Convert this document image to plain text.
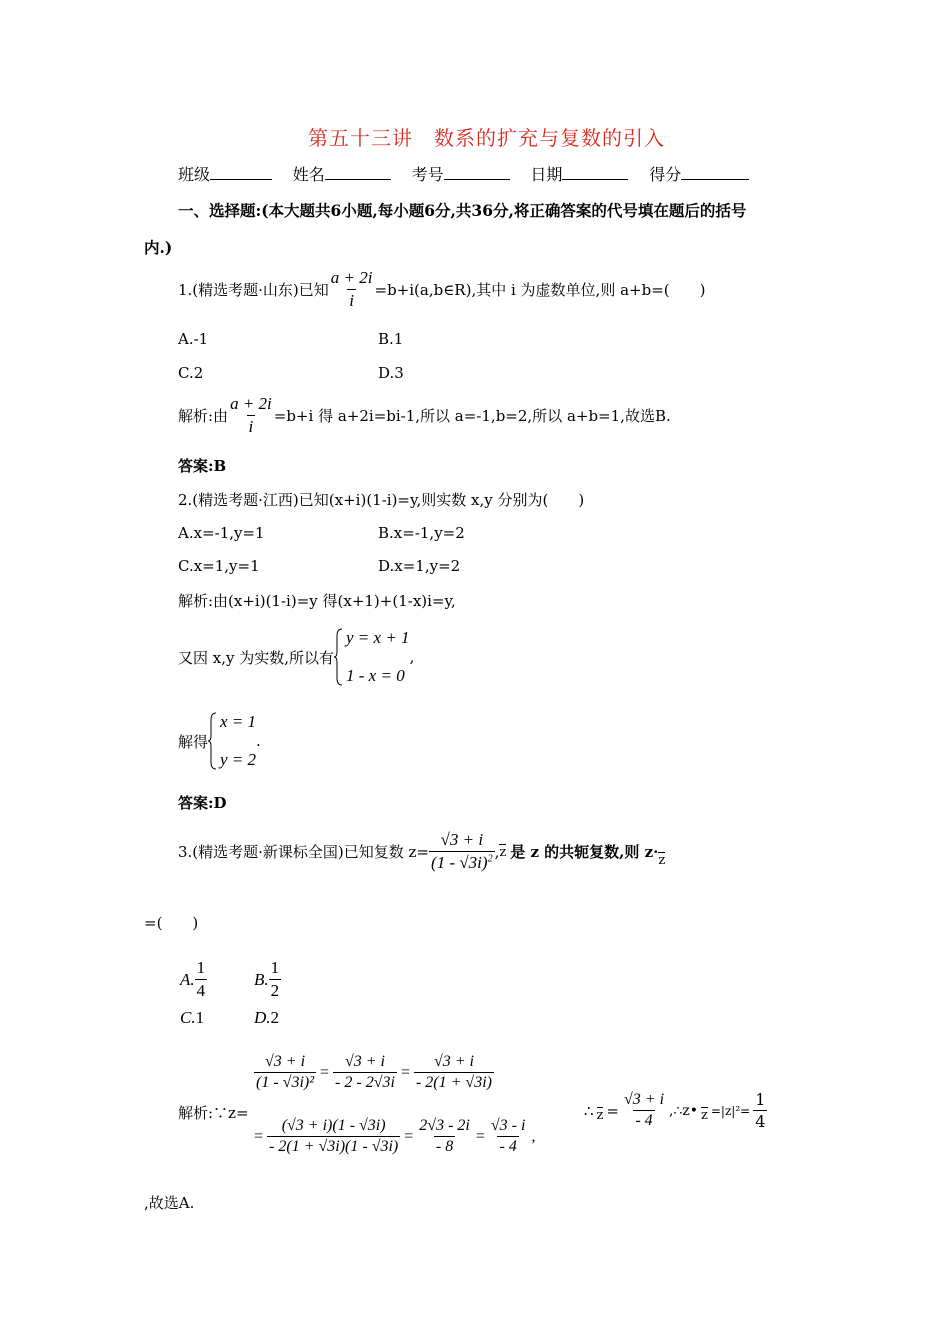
第五十三讲　数系的扩充与复数的引入
班级	姓名	考号	日期	得分
一、选择题:(本大题共6小题,每小题6分,共36分,将正确答案的代号填在题后的括号
内.)
1.(精选考题·山东)已知 $\frac{a + 2i}{i}$ =b+i(a,b∈R),其中 i 为虚数单位,则 a+b=(　　)
A.-1	B.1
C.2	D.3
解析:由 $\frac{a + 2i}{i} =b+i$ 得 a+2i=bi-1,所以 a=-1,b=2,所以 a+b=1,故选B.
答案:B
2.(精选考题·江西)已知(x+i)(1-i)=y,则实数 x,y 分别为(　　)
A.x=-1,y=1	B.x=-1,y=2
C.x=1,y=1	D.x=1,y=2
解析:由(x+i)(1-i)=y 得(x+1)+(1-x)i=y,
又因 x,y 为实数,所以有
y = x + 1
1 - x = 0
,
解得
x = 1
y = 2
.
答案:D
3.(精选考题·新课标全国)已知复数 $z= \frac{√3 + i}{(1 - √3i)^2}$ , z 是 z 的共轭复数,则 z· z
=(　　)
A. $\frac{1}{4}$	B. $\frac{1}{2}$
C.1	D.2
解析:∵z=
$\frac{√3 + i}{\text{(1 - √3i)²}} = \frac{√3 + i}{- 2 - 2√3i} = \frac{√3 + i}{- 2(1 + √3i)}$
= $\frac{(√3 + i)(1 - √3i)}{- 2(1 + √3i)(1 - √3i)} = \frac{2√3 - 2i}{- 8} = \frac{√3 - i}{- 4}$ ,
∴ $z = \frac{√3 + i}{- 4}$ ,∴z• $z =|z|^2= \frac{1}{4}$
,故选A.
